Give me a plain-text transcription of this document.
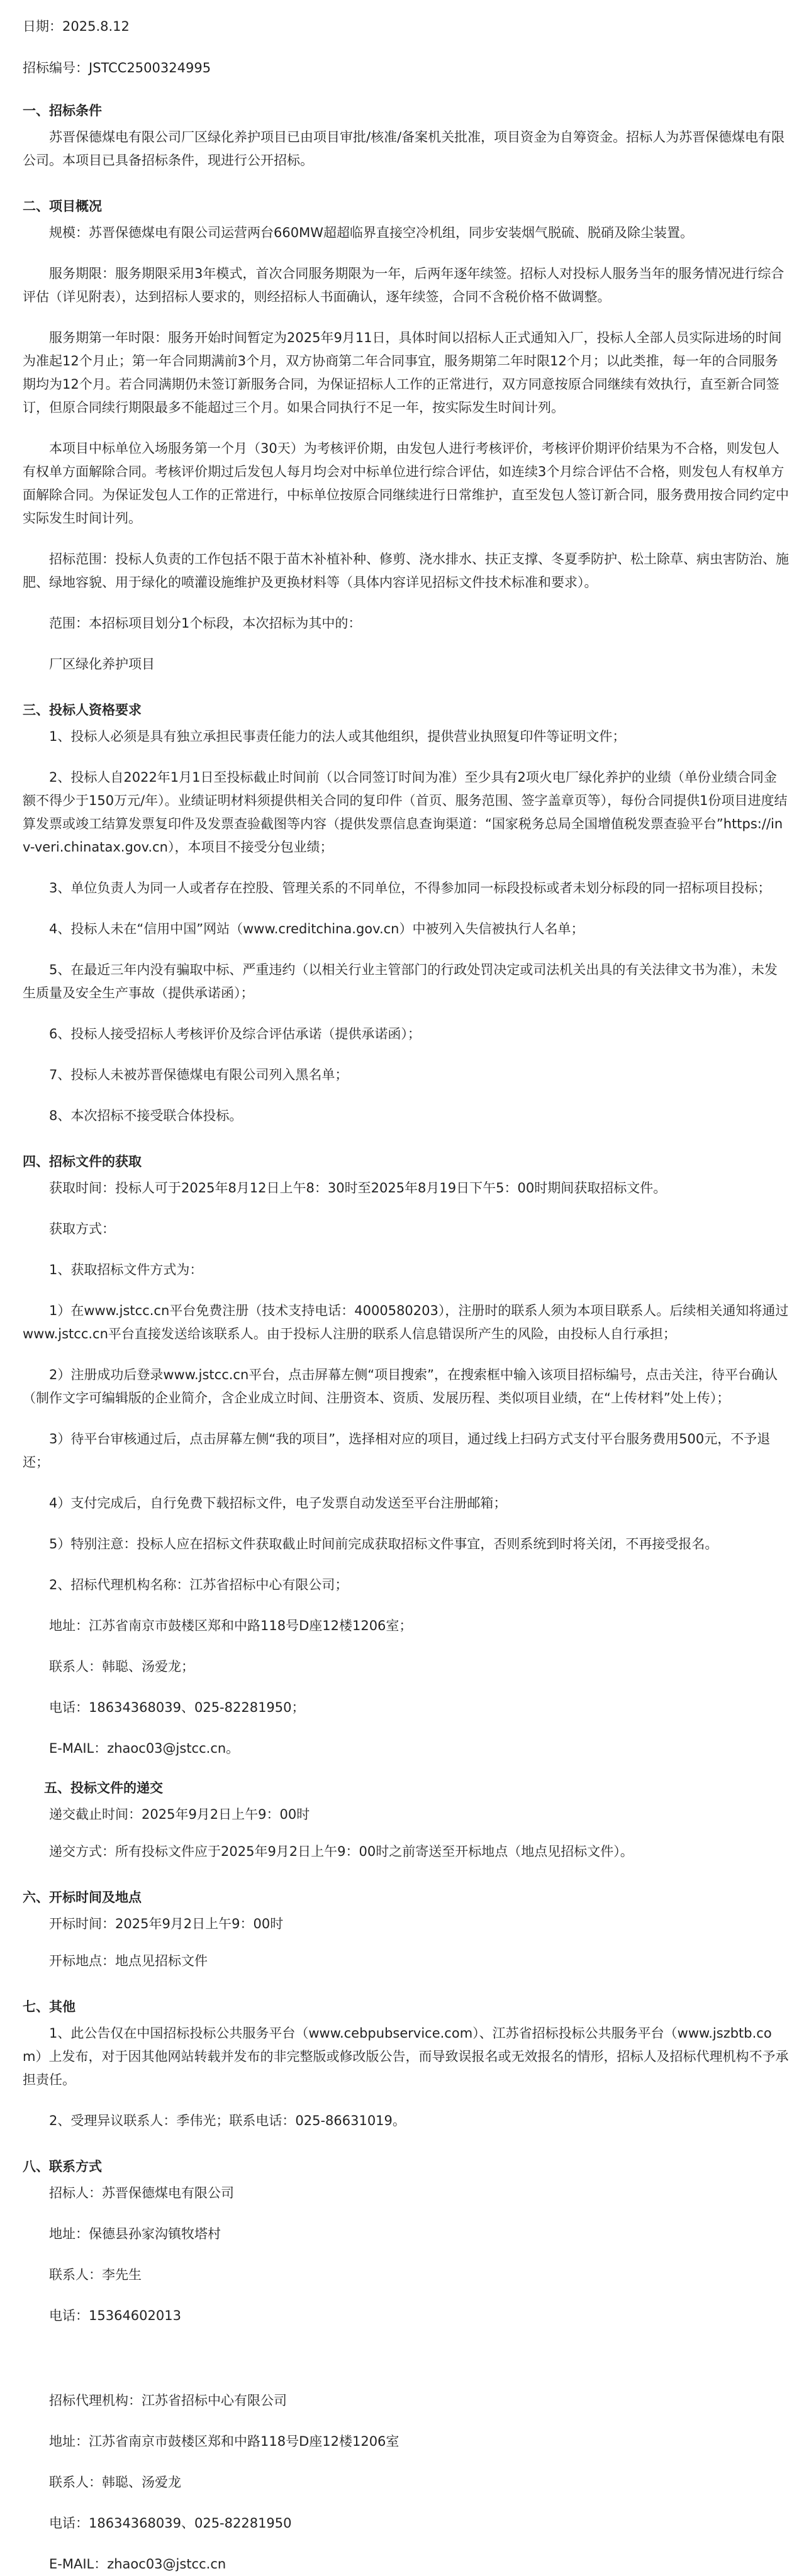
日期：2025.8.12
招标编号：JSTCC2500324995
一、招标条件

苏晋保德煤电有限公司厂区绿化养护项目已由项目审批/核准/备案机关批准，项目资金为自筹资金。招标人为苏晋保德煤电有限公司。本项目已具备招标条件，现进行公开招标。

二、项目概况

规模：苏晋保德煤电有限公司运营两台660MW超超临界直接空冷机组，同步安装烟气脱硫、脱硝及除尘装置。

服务期限：服务期限采用3年模式，首次合同服务期限为一年，后两年逐年续签。招标人对投标人服务当年的服务情况进行综合评估（详见附表），达到招标人要求的，则经招标人书面确认，逐年续签，合同不含税价格不做调整。

服务期第一年时限：服务开始时间暂定为2025年9月11日，具体时间以招标人正式通知入厂，投标人全部人员实际进场的时间为准起12个月止；第一年合同期满前3个月，双方协商第二年合同事宜，服务期第二年时限12个月；以此类推，每一年的合同服务期均为12个月。若合同满期仍未签订新服务合同，为保证招标人工作的正常进行，双方同意按原合同继续有效执行，直至新合同签订，但原合同续行期限最多不能超过三个月。如果合同执行不足一年，按实际发生时间计列。

本项目中标单位入场服务第一个月（30天）为考核评价期，由发包人进行考核评价，考核评价期评价结果为不合格，则发包人有权单方面解除合同。考核评价期过后发包人每月均会对中标单位进行综合评估，如连续3个月综合评估不合格，则发包人有权单方面解除合同。为保证发包人工作的正常进行，中标单位按原合同继续进行日常维护，直至发包人签订新合同，服务费用按合同约定中实际发生时间计列。

招标范围：投标人负责的工作包括不限于苗木补植补种、修剪、浇水排水、扶正支撑、冬夏季防护、松土除草、病虫害防治、施肥、绿地容貌、用于绿化的喷灌设施维护及更换材料等（具体内容详见招标文件技术标准和要求）。

范围：本招标项目划分1个标段，本次招标为其中的：

厂区绿化养护项目

三、投标人资格要求

1、投标人必须是具有独立承担民事责任能力的法人或其他组织，提供营业执照复印件等证明文件；

2、投标人自2022年1月1日至投标截止时间前（以合同签订时间为准）至少具有2项火电厂绿化养护的业绩（单份业绩合同金额不得少于150万元/年）。业绩证明材料须提供相关合同的复印件（首页、服务范围、签字盖章页等），每份合同提供1份项目进度结算发票或竣工结算发票复印件及发票查验截图等内容（提供发票信息查询渠道：“国家税务总局全国增值税发票查验平台”https://inv-veri.chinatax.gov.cn），本项目不接受分包业绩；

3、单位负责人为同一人或者存在控股、管理关系的不同单位，不得参加同一标段投标或者未划分标段的同一招标项目投标；

4、投标人未在“信用中国”网站（www.creditchina.gov.cn）中被列入失信被执行人名单；

5、在最近三年内没有骗取中标、严重违约（以相关行业主管部门的行政处罚决定或司法机关出具的有关法律文书为准），未发生质量及安全生产事故（提供承诺函）；

6、投标人接受招标人考核评价及综合评估承诺（提供承诺函）；

7、投标人未被苏晋保德煤电有限公司列入黑名单；

8、本次招标不接受联合体投标。

四、招标文件的获取

获取时间：投标人可于2025年8月12日上午8：30时至2025年8月19日下午5：00时期间获取招标文件。

获取方式：

1、获取招标文件方式为：

1）在www.jstcc.cn平台免费注册（技术支持电话：4000580203），注册时的联系人须为本项目联系人。后续相关通知将通过www.jstcc.cn平台直接发送给该联系人。由于投标人注册的联系人信息错误所产生的风险，由投标人自行承担；

2）注册成功后登录www.jstcc.cn平台，点击屏幕左侧“项目搜索”，在搜索框中输入该项目招标编号，点击关注，待平台确认（制作文字可编辑版的企业简介，含企业成立时间、注册资本、资质、发展历程、类似项目业绩，在“上传材料”处上传）；

3）待平台审核通过后，点击屏幕左侧“我的项目”，选择相对应的项目，通过线上扫码方式支付平台服务费用500元，不予退还；

4）支付完成后，自行免费下载招标文件，电子发票自动发送至平台注册邮箱；

5）特别注意：投标人应在招标文件获取截止时间前完成获取招标文件事宜，否则系统到时将关闭，不再接受报名。

2、招标代理机构名称：江苏省招标中心有限公司；

地址：江苏省南京市鼓楼区郑和中路118号D座12楼1206室；

联系人：韩聪、汤爱龙；

电话：18634368039、025-82281950；

E-MAIL：zhaoc03@jstcc.cn。

五、投标文件的递交

递交截止时间：2025年9月2日上午9：00时

递交方式：所有投标文件应于2025年9月2日上午9：00时之前寄送至开标地点（地点见招标文件）。

六、开标时间及地点

开标时间：2025年9月2日上午9：00时

开标地点：地点见招标文件

七、其他

1、此公告仅在中国招标投标公共服务平台（www.cebpubservice.com）、江苏省招标投标公共服务平台（www.jszbtb.com）上发布，对于因其他网站转载并发布的非完整版或修改版公告，而导致误报名或无效报名的情形，招标人及招标代理机构不予承担责任。

2、受理异议联系人：季伟光；联系电话：025-86631019。

八、联系方式

招标人：苏晋保德煤电有限公司

地址：保德县孙家沟镇牧塔村

联系人：李先生

电话：15364602013

招标代理机构：江苏省招标中心有限公司

地址：江苏省南京市鼓楼区郑和中路118号D座12楼1206室

联系人：韩聪、汤爱龙

电话：18634368039、025-82281950

E-MAIL：zhaoc03@jstcc.cn
